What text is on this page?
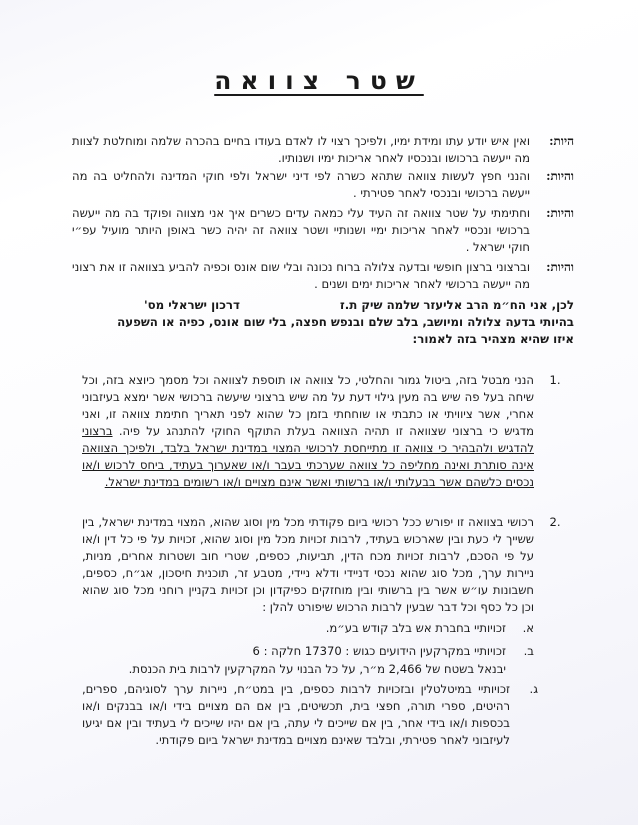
שטר צוואה
היות:
ואין איש יודע עתו ומידת ימיו, ולפיכך רצוי לו לאדם בעודו בחיים בהכרה שלמה ומוחלטת לצוות מה ייעשה ברכושו ובנכסיו לאחר אריכות ימיו ושנותיו.
והיות:
והנני חפץ לעשות צוואה שתהא כשרה לפי דיני ישראל ולפי חוקי המדינה ולהחליט בה מה ייעשה ברכושי ובנכסי לאחר פטירתי .
והיות:
וחתימתי על שטר צוואה זה העיד עלי כמאה עדים כשרים איך אני מצווה ופוקד בה מה ייעשה ברכושי ונכסיי לאחר אריכות ימיי ושנותיי ושטר צוואה זה יהיה כשר באופן היותר מועיל עפ״י חוקי ישראל .
והיות:
וברצוני ברצון חופשי ובדעה צלולה ברוח נכונה ובלי שום אונס וכפיה להביע בצוואה זו את רצוני מה ייעשה ברכושי לאחר אריכות ימים ושנים .
לכן, אני הח״מ הרב אליעזר שלמה שיק ת.ז
דרכון ישראלי מס'
בהיותי בדעה צלולה ומיושב, בלב שלם ובנפש חפצה, בלי שום אונס, כפיה או השפעה
איזו שהיא מצהיר בזה לאמור:
1.
הנני מבטל בזה, ביטול גמור והחלטי, כל צוואה או תוספת לצוואה וכל מסמך כיוצא בזה, וכל שיחה בעל פה שיש בה מעין גילוי דעת על מה שיש ברצוני שיעשה ברכושי אשר ימצא בעיזבוני אחרי, אשר ציוויתי או כתבתי או שוחחתי בזמן כל שהוא לפני תאריך חתימת צוואה זו, ואני מדגיש כי ברצוני שצוואה זו תהיה הצוואה בעלת התוקף החוקי להתנהג על פיה. ברצוני להדגיש ולהבהיר כי צוואה זו מתייחסת לרכושי המצוי במדינת ישראל בלבד, ולפיכך הצוואה אינה סותרת ואינה מחליפה כל צוואה שערכתי בעבר ו/או שאערוך בעתיד, ביחס לרכוש ו/או נכסים כלשהם אשר בבעלותי ו/או ברשותי ואשר אינם מצויים ו/או רשומים במדינת ישראל.
2.
רכושי בצוואה זו יפורש ככל רכושי ביום פקודתי מכל מין וסוג שהוא, המצוי במדינת ישראל, בין ששייך לי כעת ובין שארכוש בעתיד, לרבות זכויות מכל מין וסוג שהוא, זכויות על פי כל דין ו/או על פי הסכם, לרבות זכויות מכח הדין, תביעות, כספים, שטרי חוב ושטרות אחרים, מניות, ניירות ערך, מכל סוג שהוא נכסי דניידי ודלא ניידי, מטבע זר, תוכנית חיסכון, אג״ח, כספים, חשבונות עו״ש אשר בין ברשותי ובין מוחזקים כפיקדון וכן זכויות בקניין רוחני מכל סוג שהוא וכן כל כסף וכל דבר שבעין לרבות הרכוש שיפורט להלן :
א.
זכויותיי בחברת אש בלב קודש בע״מ.
ב.
זכויותיי במקרקעין הידועים כגוש : 17370 חלקה : 6
יבנאל בשטח של 2,466 מ״ר, על כל הבנוי על המקרקעין לרבות בית הכנסת.
ג.
זכויותיי במיטלטלין ובזכויות לרבות כספים, בין במט״ח, ניירות ערך לסוגיהם, ספרים, רהיטים, ספרי תורה, חפצי בית, תכשיטים, בין אם הם מצויים בידי ו/או בבנקים ו/או בכספות ו/או בידי אחר, בין אם שייכים לי עתה, בין אם יהיו שייכים לי בעתיד ובין אם יגיעו לעיזבוני לאחר פטירתי, ובלבד שאינם מצויים במדינת ישראל ביום פקודתי.
